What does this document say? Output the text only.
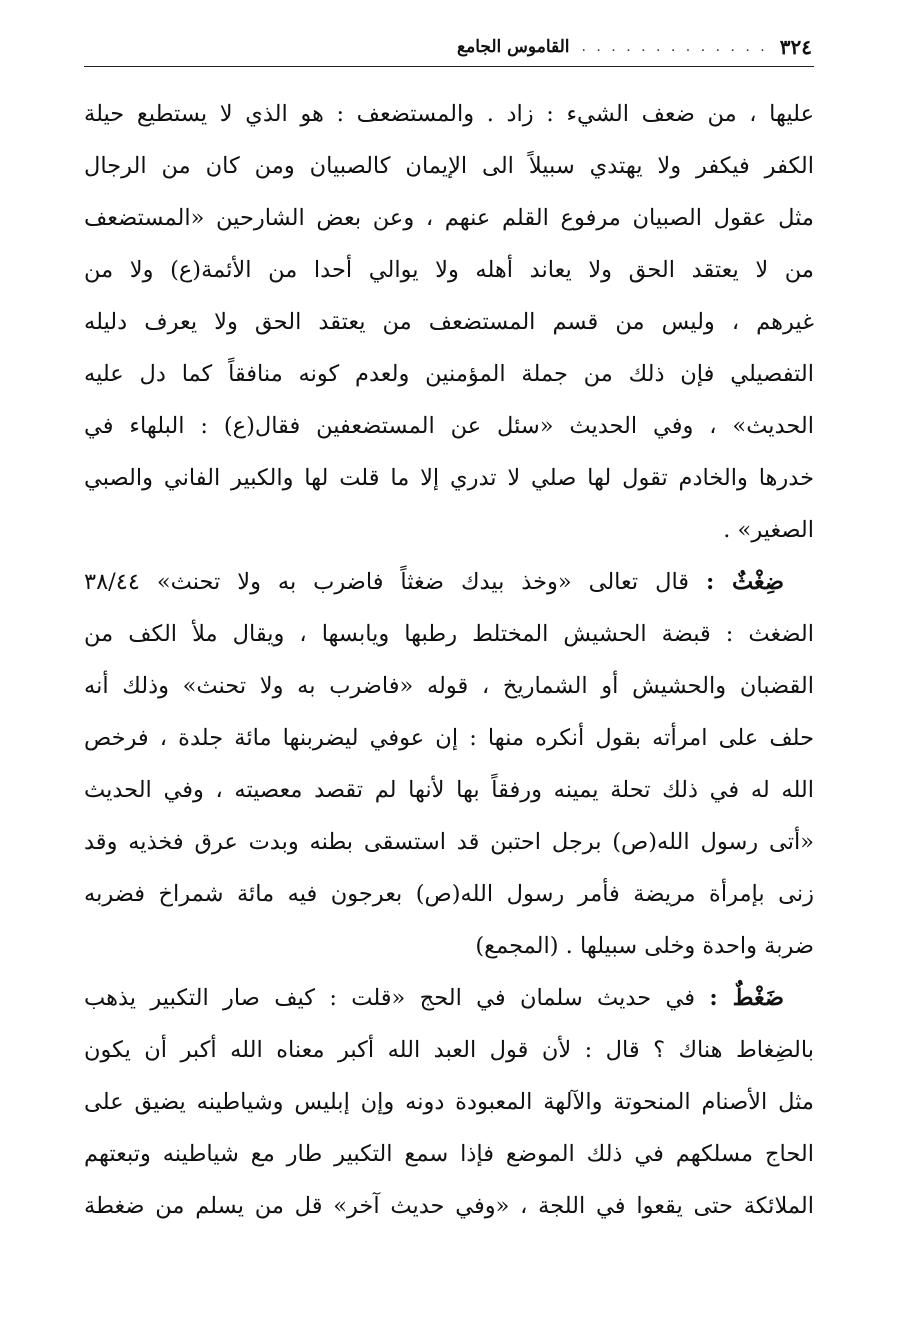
٣٢٤
. . . . . . . . . . . . .
القاموس الجامع
عليها ، من ضعف الشيء : زاد . والمستضعف : هو الذي لا يستطيع حيلة
الكفر فيكفر ولا يهتدي سبيلاً الى الإيمان كالصبيان ومن كان من الرجال
مثل عقول الصبيان مرفوع القلم عنهم ، وعن بعض الشارحين «المستضعف
من لا يعتقد الحق ولا يعاند أهله ولا يوالي أحدا من الأئمة(ع) ولا من
غيرهم ، وليس من قسم المستضعف من يعتقد الحق ولا يعرف دليله
التفصيلي فإن ذلك من جملة المؤمنين ولعدم كونه منافقاً كما دل عليه
الحديث» ، وفي الحديث «سئل عن المستضعفين فقال(ع) : البلهاء في
خدرها والخادم تقول لها صلي لا تدري إلا ما قلت لها والكبير الفاني والصبي
الصغير» .
ضِغْثٌ : قال تعالى «وخذ بيدك ضغثاً فاضرب به ولا تحنث» ٣٨/٤٤
الضغث : قبضة الحشيش المختلط رطبها ويابسها ، ويقال ملأ الكف من
القضبان والحشيش أو الشماريخ ، قوله «فاضرب به ولا تحنث» وذلك أنه
حلف على امرأته بقول أنكره منها : إن عوفي ليضربنها مائة جلدة ، فرخص
الله له في ذلك تحلة يمينه ورفقاً بها لأنها لم تقصد معصيته ، وفي الحديث
«أتى رسول الله(ص) برجل احتبن قد استسقى بطنه وبدت عرق فخذيه وقد
زنى بإمرأة مريضة فأمر رسول الله(ص) بعرجون فيه مائة شمراخ فضربه
ضربة واحدة وخلى سبيلها . (المجمع)
ضَغْطٌ : في حديث سلمان في الحج «قلت : كيف صار التكبير يذهب
بالضِغاط هناك ؟ قال : لأن قول العبد الله أكبر معناه الله أكبر أن يكون
مثل الأصنام المنحوتة والآلهة المعبودة دونه وإن إبليس وشياطينه يضيق على
الحاج مسلكهم في ذلك الموضع فإذا سمع التكبير طار مع شياطينه وتبعتهم
الملائكة حتى يقعوا في اللجة ، «وفي حديث آخر» قل من يسلم من ضغطة
